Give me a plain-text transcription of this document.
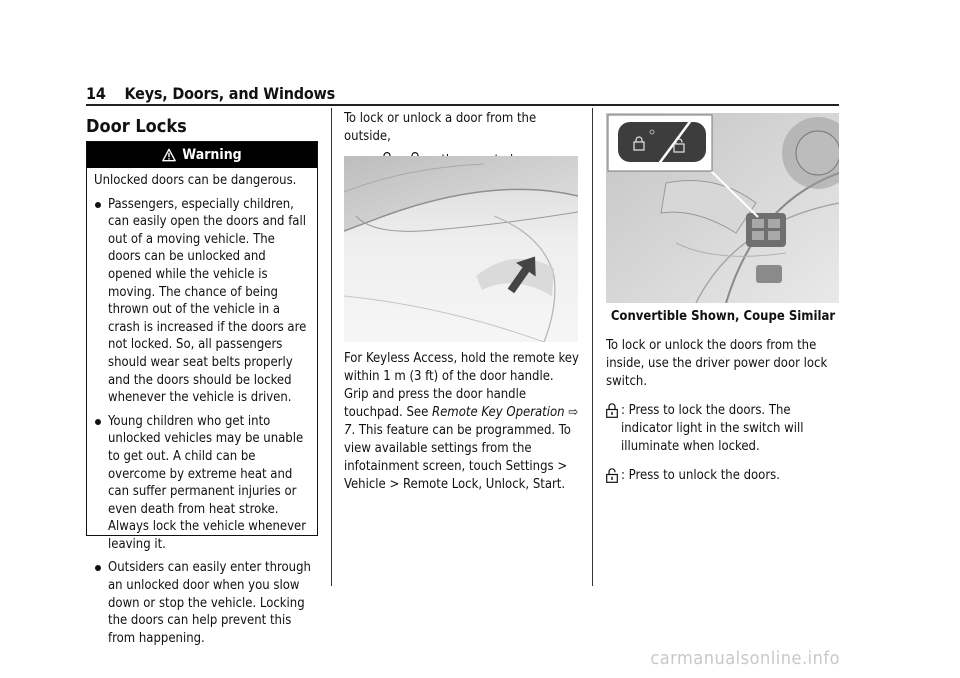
14 Keys, Doors, and Windows
Door Locks
Warning

Unlocked doors can be dangerous.

Passengers, especially children, can easily open the doors and fall out of a moving vehicle. The doors can be unlocked and opened while the vehicle is moving. The chance of being thrown out of the vehicle in a crash is increased if the doors are not locked. So, all passengers should wear seat belts properly and the doors should be locked whenever the vehicle is driven.
Young children who get into unlocked vehicles may be unable to get out. A child can be overcome by extreme heat and can suffer permanent injuries or even death from heat stroke. Always lock the vehicle whenever leaving it.
Outsiders can easily enter through an unlocked door when you slow down or stop the vehicle. Locking the doors can help prevent this from happening.

To lock or unlock a door from the outside,

For Keyless Access, hold the remote key within 1 m (3 ft) of the door handle. Grip and press the door handle touchpad. See Remote Key Operation ⇨ 7. This feature can be programmed. To view available settings from the infotainment screen, touch Settings > Vehicle > Remote Lock, Unlock, Start.

Convertible Shown, Coupe Similar

To lock or unlock the doors from the inside, use the driver power door lock switch.

: Press to lock the doors. The indicator light in the switch will illuminate when locked.
: Press to unlock the doors.
carmanualsonline.info
